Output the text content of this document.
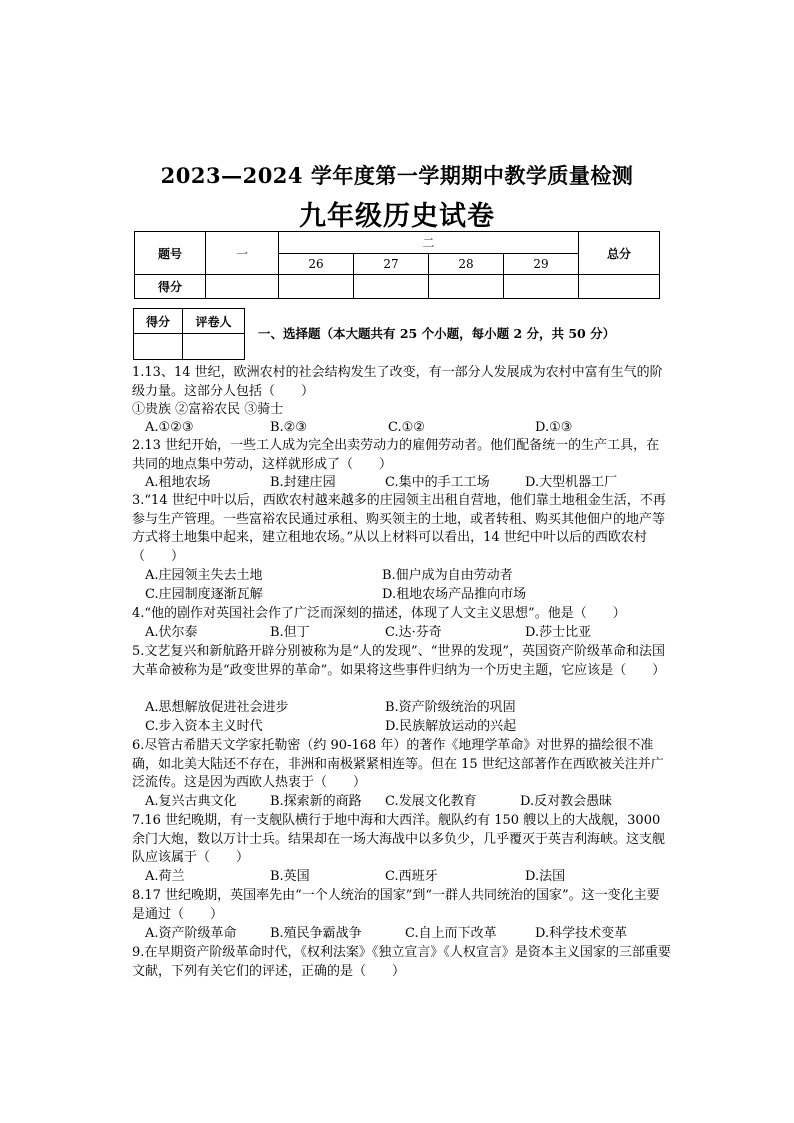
2023—2024 学年度第一学期期中教学质量检测
九年级历史试卷
题号	一	二				总分
		26	27	28	29	
得分						
得分	评卷人

一、选择题（本大题共有 25 个小题，每小题 2 分，共 50 分）
1.13、14 世纪，欧洲农村的社会结构发生了改变，有一部分人发展成为农村中富有生气的阶级力量。这部分人包括（　　）
①贵族 ②富裕农民 ③骑士
A.①②③	B.②③	C.①②	D.①③
2.13 世纪开始，一些工人成为完全出卖劳动力的雇佣劳动者。他们配备统一的生产工具，在共同的地点集中劳动，这样就形成了（　　）
A.租地农场	B.封建庄园	C.集中的手工工场	D.大型机器工厂
3.“14 世纪中叶以后，西欧农村越来越多的庄园领主出租自营地，他们靠土地租金生活，不再参与生产管理。一些富裕农民通过承租、购买领主的土地，或者转租、购买其他佃户的地产等方式将土地集中起来，建立租地农场。”从以上材料可以看出，14 世纪中叶以后的西欧农村（　　）
A.庄园领主失去土地	B.佃户成为自由劳动者
C.庄园制度逐渐瓦解	D.租地农场产品推向市场
4.“他的剧作对英国社会作了广泛而深刻的描述，体现了人文主义思想”。他是（　　）
A.伏尔泰	B.但丁	C.达·芬奇	D.莎士比亚
5.文艺复兴和新航路开辟分别被称为是“人的发现”、“世界的发现”，英国资产阶级革命和法国大革命被称为是“政变世界的革命”。如果将这些事件归纳为一个历史主题，它应该是（　　）
A.思想解放促进社会进步	B.资产阶级统治的巩固
C.步入资本主义时代	D.民族解放运动的兴起
6.尽管古希腊天文学家托勒密（约 90-168 年）的著作《地理学革命》对世界的描绘很不准确，如北美大陆还不存在，非洲和南极紧紧相连等。但在 15 世纪这部著作在西欧被关注并广泛流传。这是因为西欧人热衷于（　　）
A.复兴古典文化	B.探索新的商路 C.发展文化教育	D.反对教会愚昧
7.16 世纪晚期，有一支舰队横行于地中海和大西洋。舰队约有 150 艘以上的大战舰，3000 余门大炮，数以万计士兵。结果却在一场大海战中以多负少，几乎覆灭于英吉利海峡。这支舰队应该属于（　　）
A.荷兰	B.英国	C.西班牙	D.法国
8.17 世纪晚期，英国率先由“一个人统治的国家”到“一群人共同统治的国家”。这一变化主要是通过（　　）
A.资产阶级革命	B.殖民争霸战争	C.自上而下改革	D.科学技术变革
9.在早期资产阶级革命时代，《权利法案》《独立宣言》《人权宣言》是资本主义国家的三部重要文献，下列有关它们的评述，正确的是（　　）
